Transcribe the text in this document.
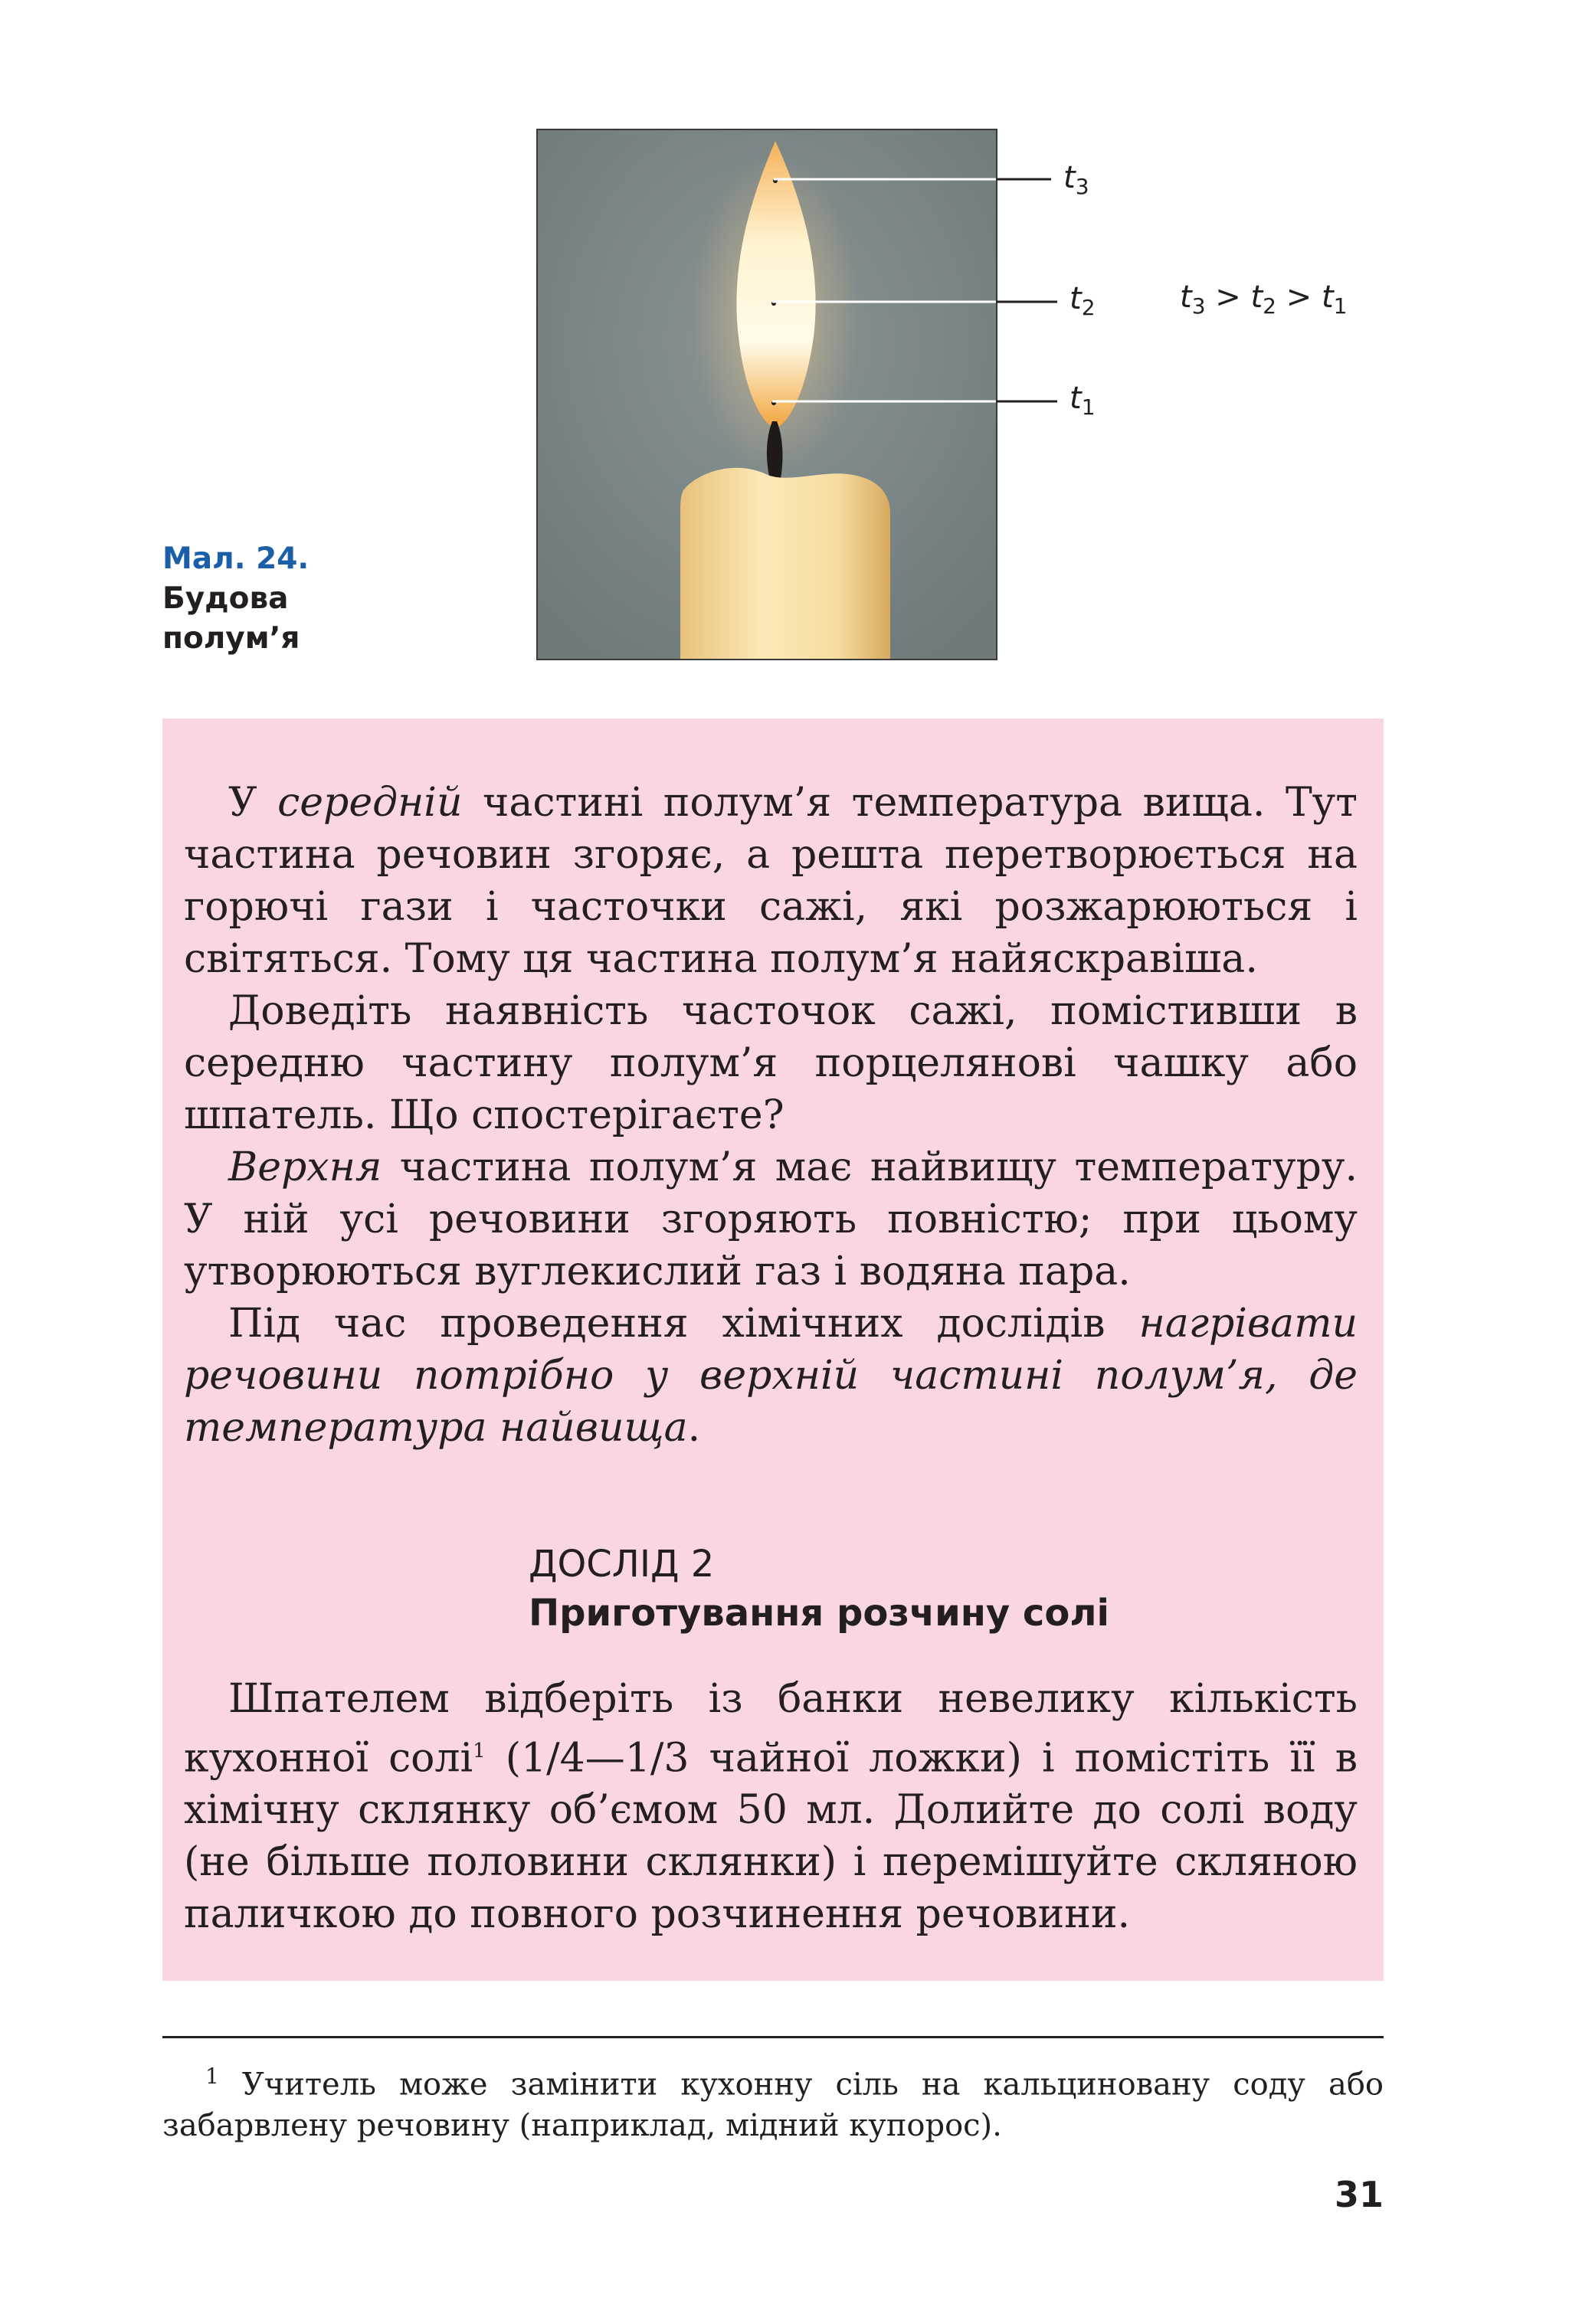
$t_3$
$t_2$
$t_1$
$t_3 > t_2 > t_1$
Мал. 24.
Будова
полум’я

У середній частині полум’я температура вища. Тут частина речовин згоряє, а решта перетворюється на горючі гази і часточки сажі, які розжарюються і світяться. Тому ця частина полум’я найяскравіша.

Доведіть наявність часточок сажі, помістивши в середню частину полум’я порцелянові чашку або шпатель. Що спостерігаєте?

Верхня частина полум’я має найвищу температуру. У ній усі речовини згоряють повністю; при цьому утворюються вуглекислий газ і водяна пара.

Під час проведення хімічних дослідів нагрівати речовини потрібно у верхній частині полум’я, де температура найвища.

ДОСЛІД 2
Приготування розчину солі

Шпателем відберіть із банки невелику кількість кухонної солі$^1$ (1/4—1/3 чайної ложки) і помістіть її в хімічну склянку об’ємом 50 мл. Долийте до солі воду (не більше половини склянки) і перемішуйте скляною паличкою до повного розчинення речовини.

$^1$ Учитель може замінити кухонну сіль на кальциновану соду або забарвлену речовину (наприклад, мідний купорос).

31
